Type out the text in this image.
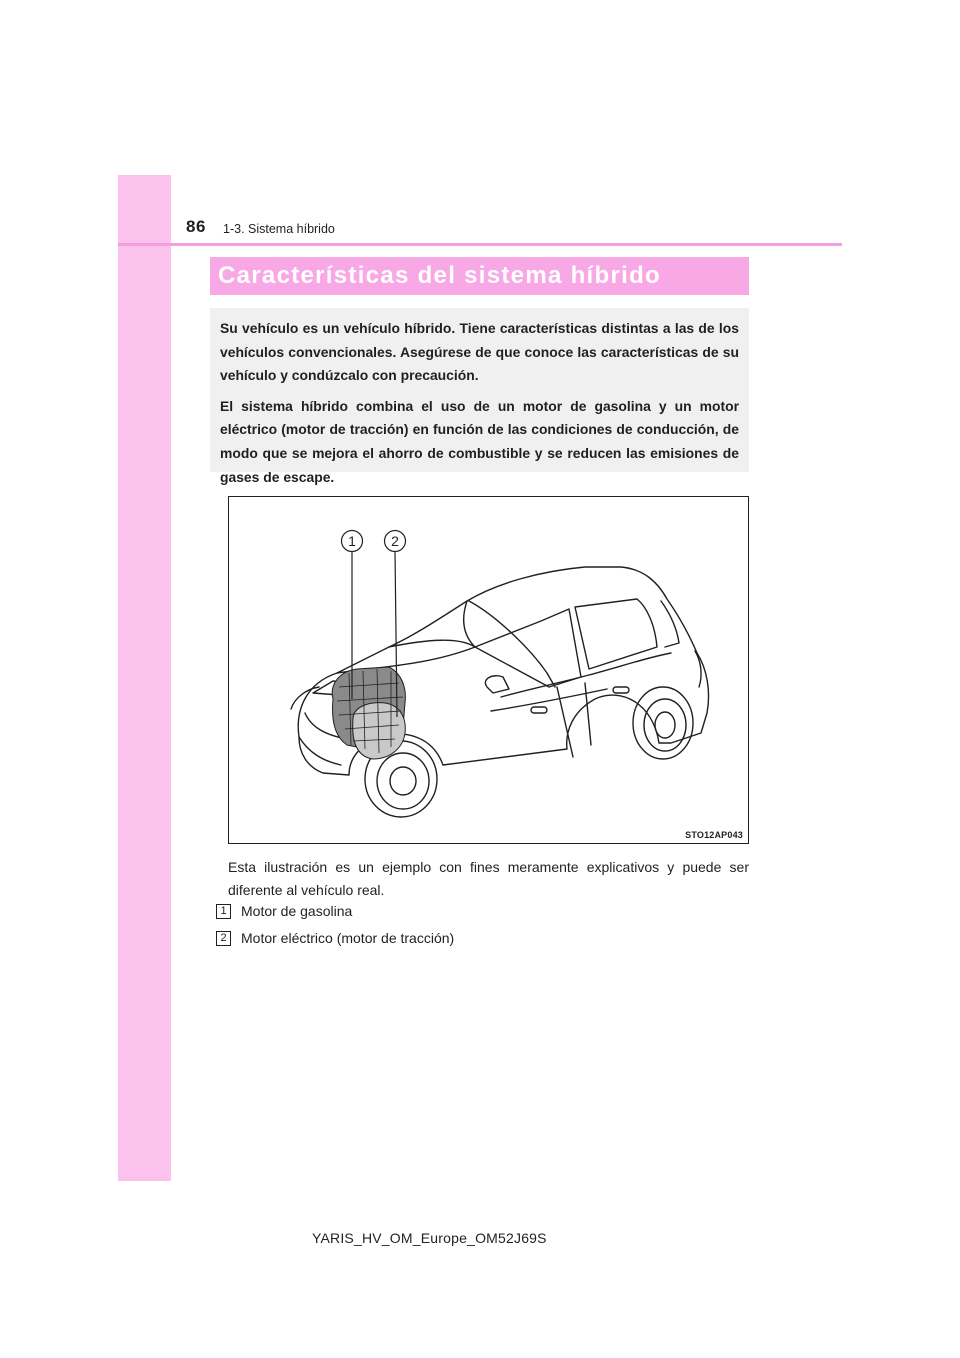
86 1-3. Sistema híbrido
Características del sistema híbrido

Su vehículo es un vehículo híbrido. Tiene características distintas a las de los vehículos convencionales. Asegúrese de que conoce las características de su vehículo y condúzcalo con precaución.

El sistema híbrido combina el uso de un motor de gasolina y un motor eléctrico (motor de tracción) en función de las condiciones de conducción, de modo que se mejora el ahorro de combustible y se reducen las emisiones de gases de escape.

1	2
STO12AP043
Esta ilustración es un ejemplo con fines meramente explicativos y puede ser diferente al vehículo real.
1	Motor de gasolina
2	Motor eléctrico (motor de tracción)
YARIS_HV_OM_Europe_OM52J69S
